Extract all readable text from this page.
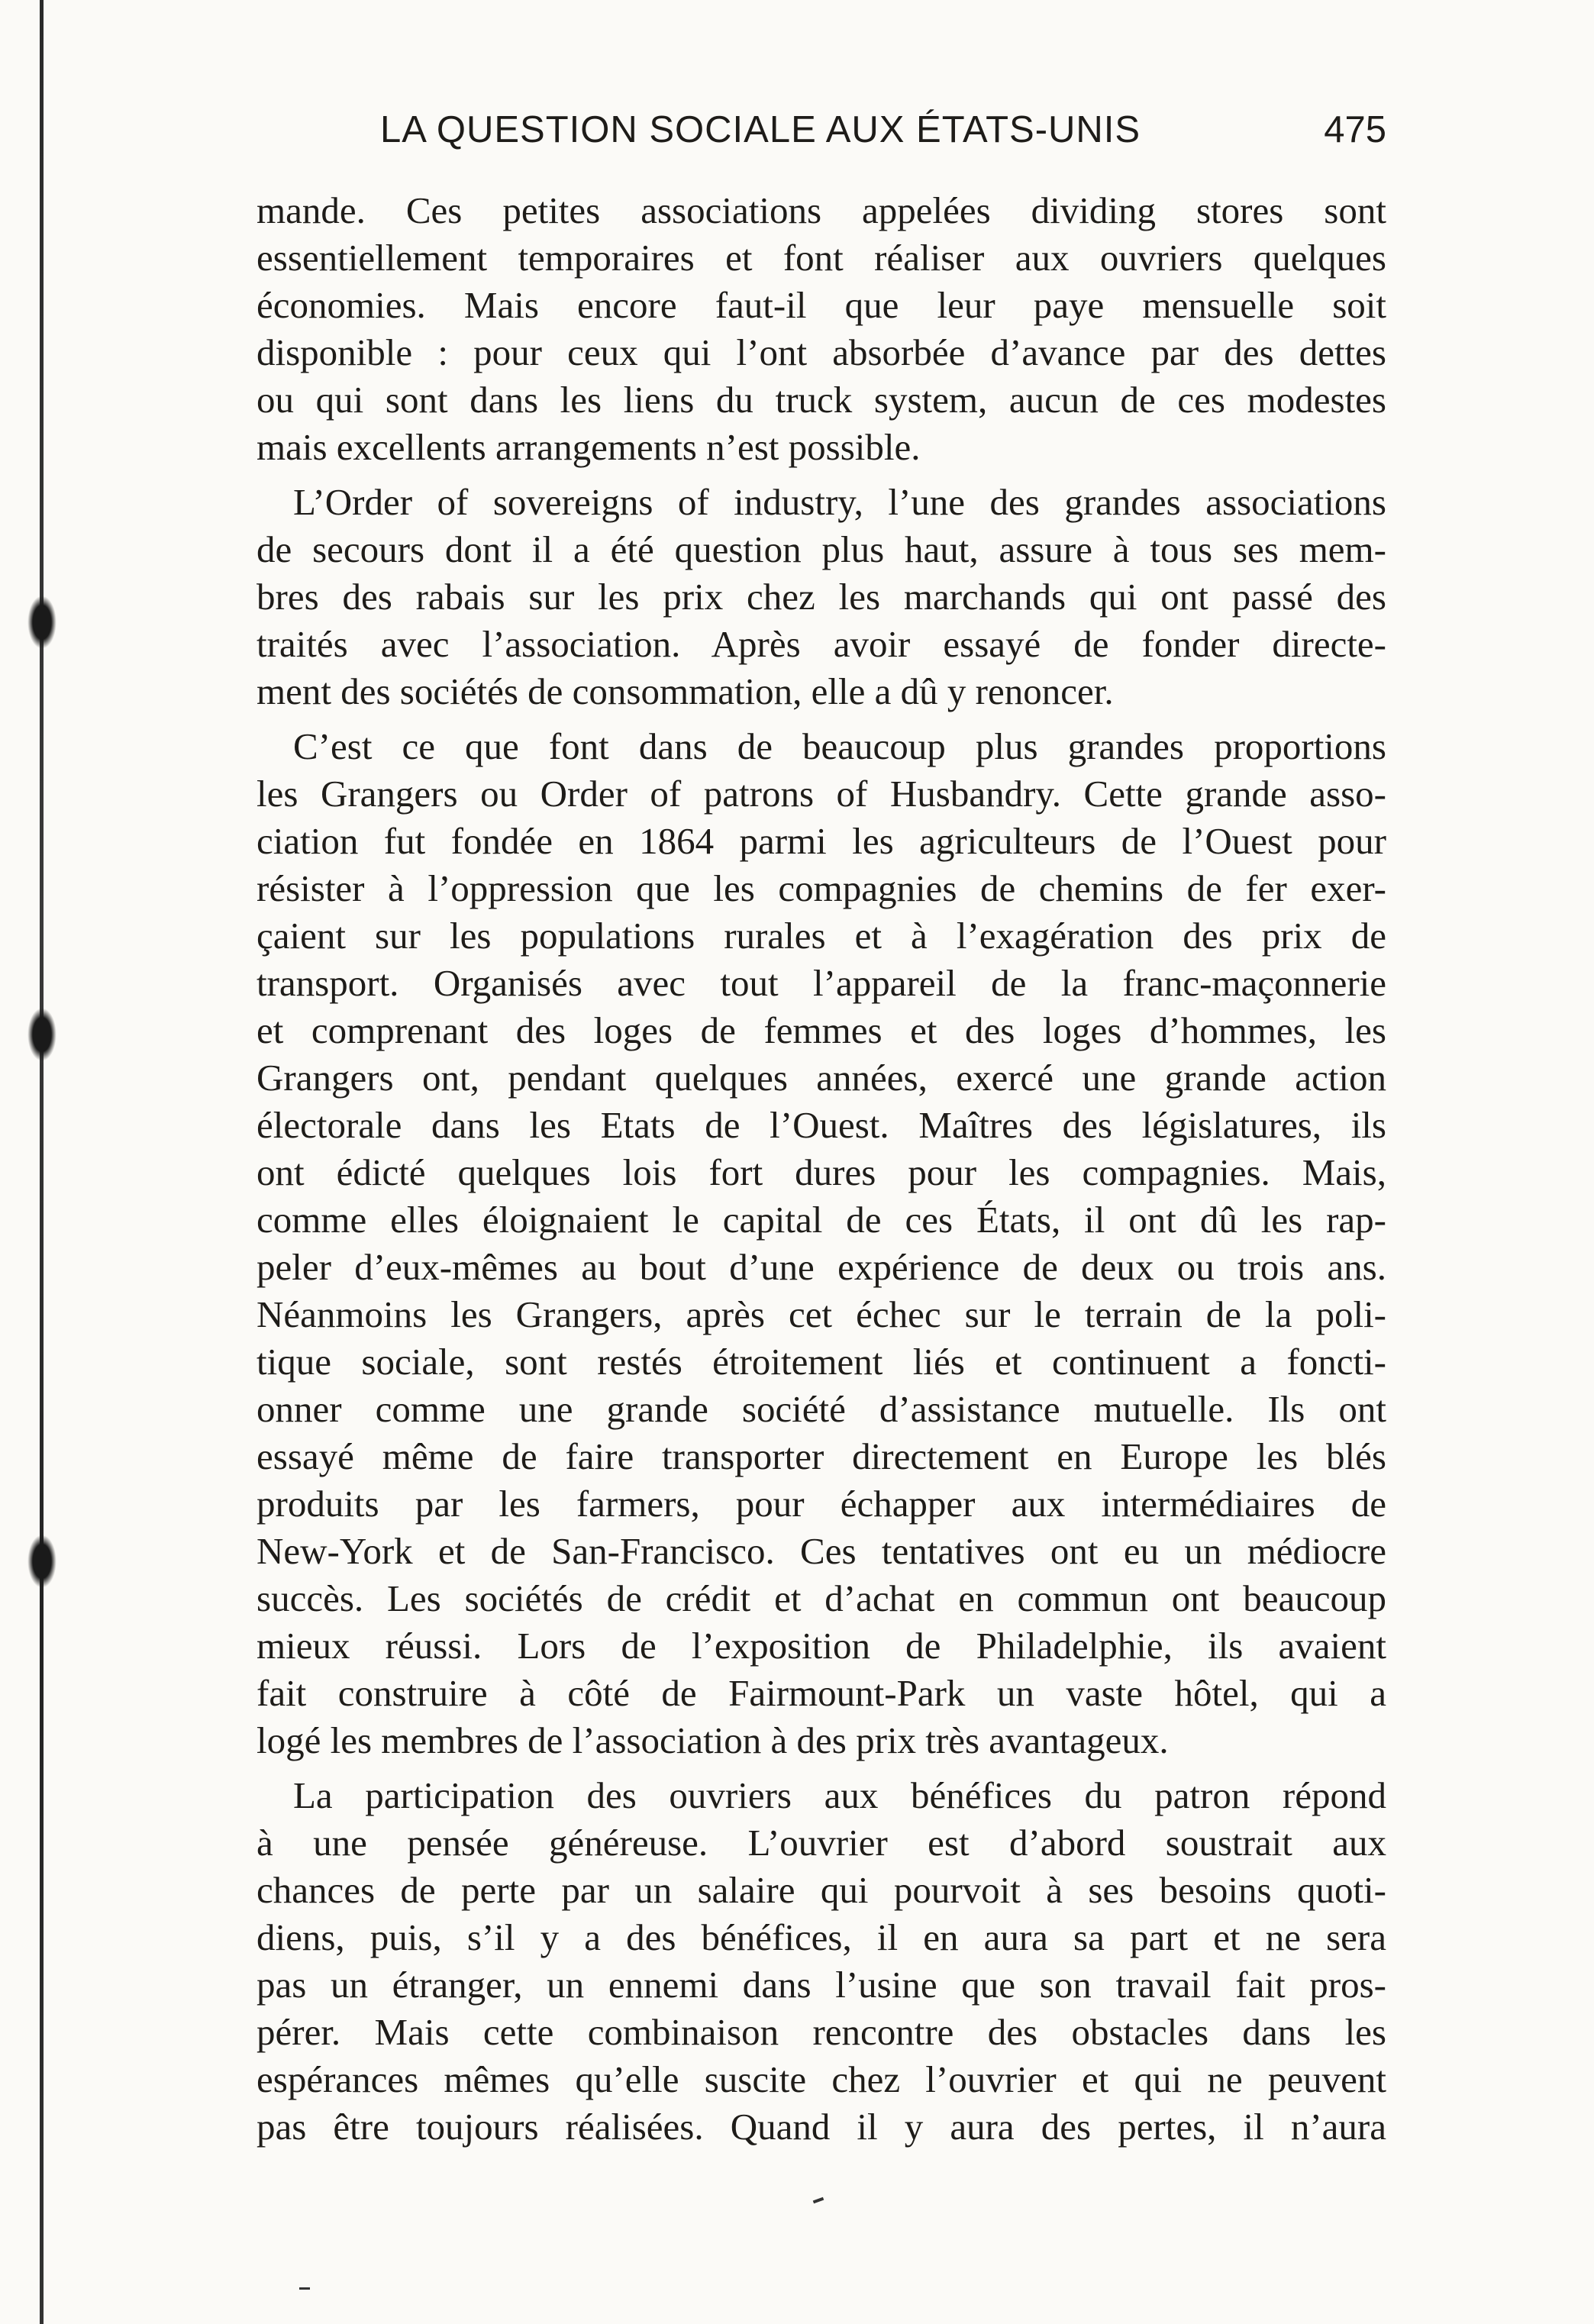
LA QUESTION SOCIALE AUX ÉTATS-UNIS	475
mande. Ces petites associations appelées dividing stores sont
essentiellement temporaires et font réaliser aux ouvriers quelques
économies. Mais encore faut-il que leur paye mensuelle soit
disponible : pour ceux qui l’ont absorbée d’avance par des dettes
ou qui sont dans les liens du truck system, aucun de ces modestes
mais excellents arrangements n’est possible.
L’Order of sovereigns of industry, l’une des grandes associations
de secours dont il a été question plus haut, assure à tous ses mem-
bres des rabais sur les prix chez les marchands qui ont passé des
traités avec l’association. Après avoir essayé de fonder directe-
ment des sociétés de consommation, elle a dû y renoncer.
C’est ce que font dans de beaucoup plus grandes proportions
les Grangers ou Order of patrons of Husbandry. Cette grande asso-
ciation fut fondée en 1864 parmi les agriculteurs de l’Ouest pour
résister à l’oppression que les compagnies de chemins de fer exer-
çaient sur les populations rurales et à l’exagération des prix de
transport. Organisés avec tout l’appareil de la franc-maçonnerie
et comprenant des loges de femmes et des loges d’hommes, les
Grangers ont, pendant quelques années, exercé une grande action
électorale dans les Etats de l’Ouest. Maîtres des législatures, ils
ont édicté quelques lois fort dures pour les compagnies. Mais,
comme elles éloignaient le capital de ces États, il ont dû les rap-
peler d’eux-mêmes au bout d’une expérience de deux ou trois ans.
Néanmoins les Grangers, après cet échec sur le terrain de la poli-
tique sociale, sont restés étroitement liés et continuent a foncti-
onner comme une grande société d’assistance mutuelle. Ils ont
essayé même de faire transporter directement en Europe les blés
produits par les farmers, pour échapper aux intermédiaires de
New-York et de San-Francisco. Ces tentatives ont eu un médiocre
succès. Les sociétés de crédit et d’achat en commun ont beaucoup
mieux réussi. Lors de l’exposition de Philadelphie, ils avaient
fait construire à côté de Fairmount-Park un vaste hôtel, qui a
logé les membres de l’association à des prix très avantageux.
La participation des ouvriers aux bénéfices du patron répond
à une pensée généreuse. L’ouvrier est d’abord soustrait aux
chances de perte par un salaire qui pourvoit à ses besoins quoti-
diens, puis, s’il y a des bénéfices, il en aura sa part et ne sera
pas un étranger, un ennemi dans l’usine que son travail fait pros-
pérer. Mais cette combinaison rencontre des obstacles dans les
espérances mêmes qu’elle suscite chez l’ouvrier et qui ne peuvent
pas être toujours réalisées. Quand il y aura des pertes, il n’aura
